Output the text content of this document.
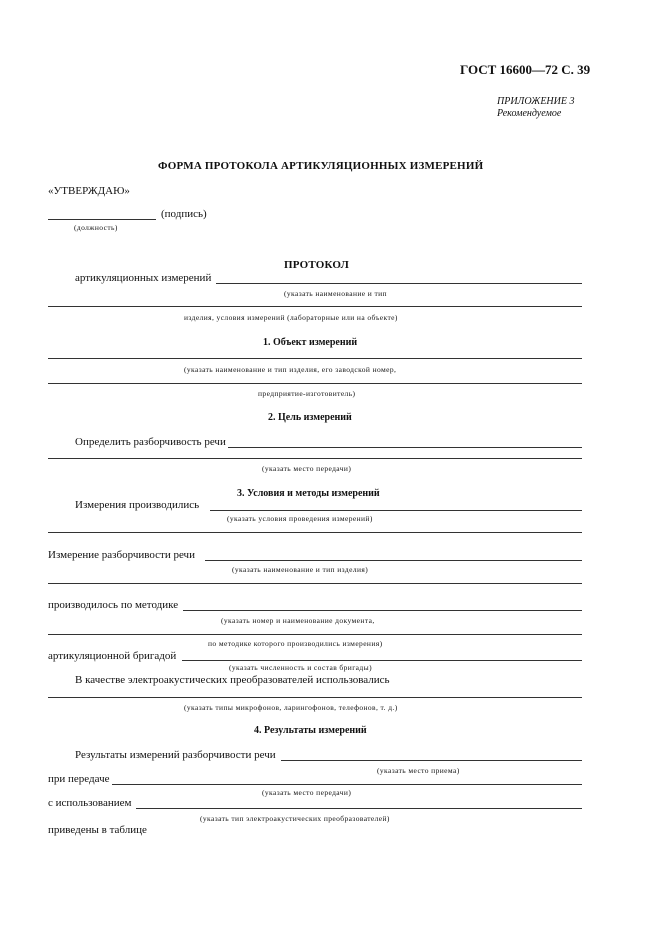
ГОСТ 16600—72 С. 39
ПРИЛОЖЕНИЕ 3
Рекомендуемое
ФОРМА ПРОТОКОЛА АРТИКУЛЯЦИОННЫХ ИЗМЕРЕНИЙ
«УТВЕРЖДАЮ»
(подпись)
(должность)
ПРОТОКОЛ
артикуляционных измерений
(указать наименование и тип
изделия, условия измерений (лабораторные или на объекте)
1. Объект измерений
(указать наименование и тип изделия, его заводской номер,
предприятие-изготовитель)
2. Цель измерений
Определить разборчивость речи
(указать место передачи)
3. Условия и методы измерений
Измерения производились
(указать условия проведения измерений)
Измерение разборчивости речи
(указать наименование и тип изделия)
производилось по методике
(указать номер и наименование документа,
по методике которого производились измерения)
артикуляционной бригадой
(указать численность и состав бригады)
В качестве электроакустических преобразователей использовались
(указать типы микрофонов, ларингофонов, телефонов, т. д.)
4. Результаты измерений
Результаты измерений разборчивости речи
(указать место приема)
при передаче
(указать место передачи)
с использованием
(указать тип электроакустических преобразователей)
приведены в таблице
